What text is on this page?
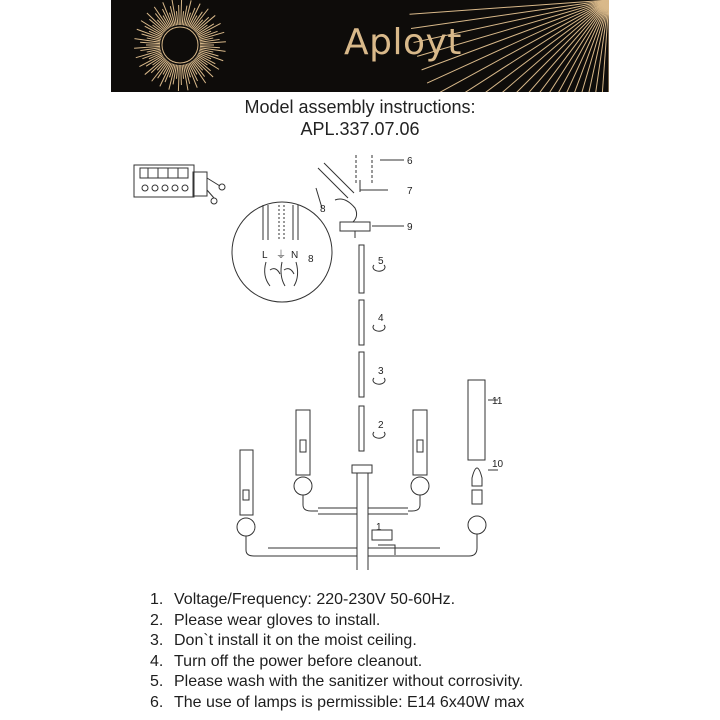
Aployt
Model assembly instructions:
APL.337.07.06
L ⏚ N 8
1
2
3
4
5
6
7
8
9
10
11
1. Voltage/Frequency: 220-230V 50-60Hz.
2. Please wear gloves to install.
3. Don`t install it on the moist ceiling.
4. Turn off the power before cleanout.
5. Please wash with the sanitizer without corrosivity.
6. The use of lamps is permissible: E14 6x40W max
